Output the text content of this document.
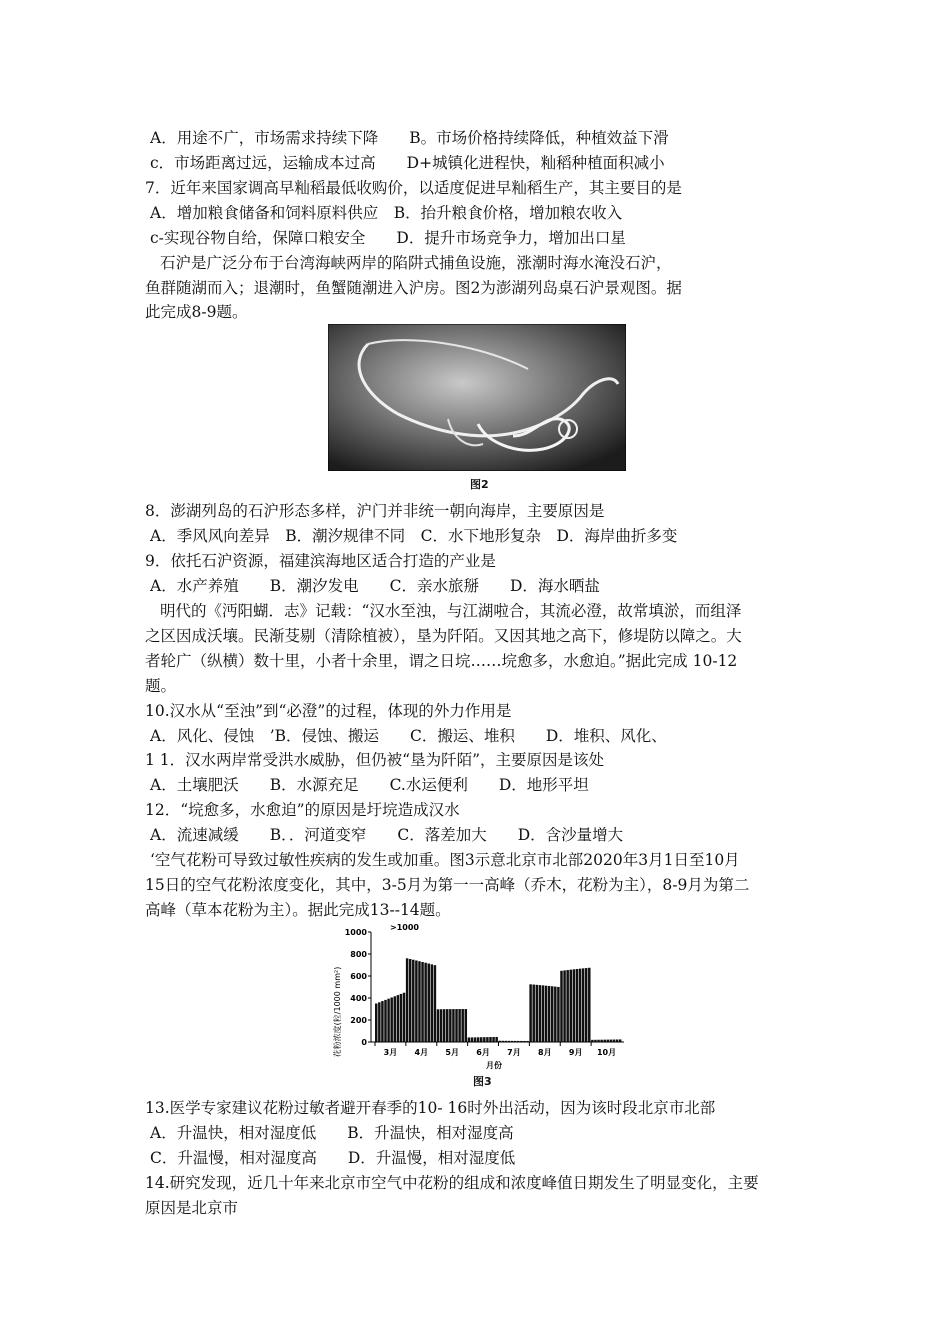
A．用途不广，市场需求持续下降　　B。市场价格持续降低，种植效益下滑
c．市场距离过远，运输成本过高　　D+城镇化进程快，籼稻种植面积减小
7．近年来国家调高早籼稻最低收购价，以适度促进早籼稻生产，其主要目的是
A．增加粮食储备和饲料原料供应　B．抬升粮食价格，增加粮农收入
c-实现谷物自给，保障口粮安全　　D．提升市场竞争力，增加出口星
石沪是广泛分布于台湾海峡两岸的陷阱式捕鱼设施，涨潮时海水淹没石沪，
鱼群随湖而入；退潮时，鱼蟹随潮进入沪房。图2为澎湖列岛桌石沪景观图。据
此完成8-9题。
图2
8．澎湖列岛的石沪形态多样，沪门并非统一朝向海岸，主要原因是
A．季风风向差异　B．潮汐规律不同　C．水下地形复杂　D．海岸曲折多变
9．依托石沪资源，福建滨海地区适合打造的产业是
A．水产养殖　　B．潮汐发电　　C．亲水旅掰　　D．海水晒盐
明代的《沔阳蝴．志》记载：“汉水至浊，与江湖啦合，其流必澄，故常填淤，而组泽
之区因成沃壤。民渐芟剔（清除植被），垦为阡陌。又因其地之高下，修堤防以障之。大
者轮广（纵横）数十里，小者十余里，谓之日垸……垸愈多，水愈迫。”据此完成 10-12
题。
10.汉水从“至浊”到“必澄”的过程，体现的外力作用是
A．风化、侵蚀　’B．侵蚀、搬运　　C．搬运、堆积　　D．堆积、风化、
1 1．汉水两岸常受洪水威胁，但仍被“垦为阡陌”，主要原因是该处
A．土壤肥沃　　B．水源充足　　C.水运便利　　D．地形平坦
12．“垸愈多，水愈迫”的原因是圩垸造成汉水
A．流速减缓　　B．．河道变窄　　C．落差加大　　D．含沙量增大
‘空气花粉可导致过敏性疾病的发生或加重。图3示意北京市北部2020年3月1日至10月
15日的空气花粉浓度变化，其中，3-5月为第一一高峰（乔木，花粉为主），8-9月为第二
高峰（草本花粉为主）。据此完成13--14题。
花粉浓度(粒/1000 mm²)
1000
800
600
400
200
0
>1000
3月 4月 5月 6月 7月 8月 9月 10月
月份
图3
13.医学专家建议花粉过敏者避开春季的10- 16时外出活动，因为该时段北京市北部
A．升温快，相对湿度低　　B．升温快，相对湿度高
C．升温慢，相对湿度高　　D．升温慢，相对湿度低
14.研究发现，近几十年来北京市空气中花粉的组成和浓度峰值日期发生了明显变化，主要
原因是北京市
